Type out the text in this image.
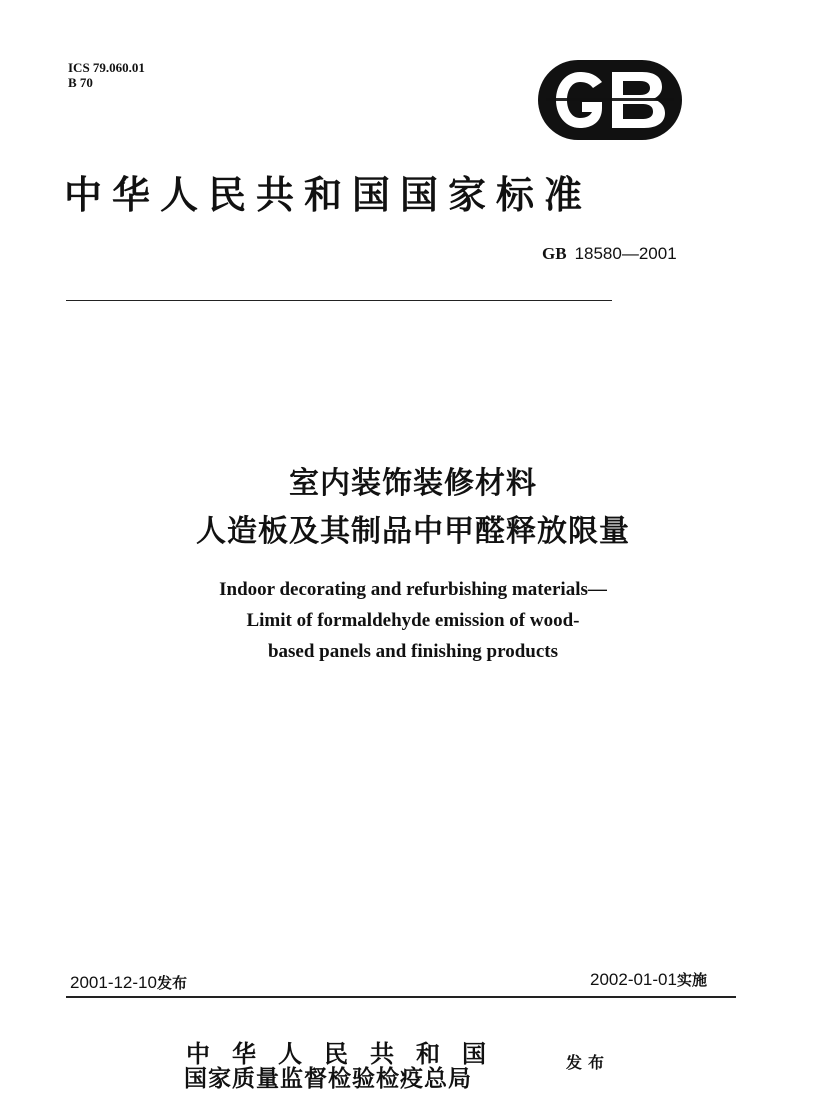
ICS 79.060.01
B 70
中华人民共和国国家标准
GB 18580—2001
室内装饰装修材料
人造板及其制品中甲醛释放限量
Indoor decorating and refurbishing materials—
Limit of formaldehyde emission of wood-
based panels and finishing products
2001-12-10发布	2002-01-01实施
中华人民共和国
国家质量监督检验检疫总局
发布
